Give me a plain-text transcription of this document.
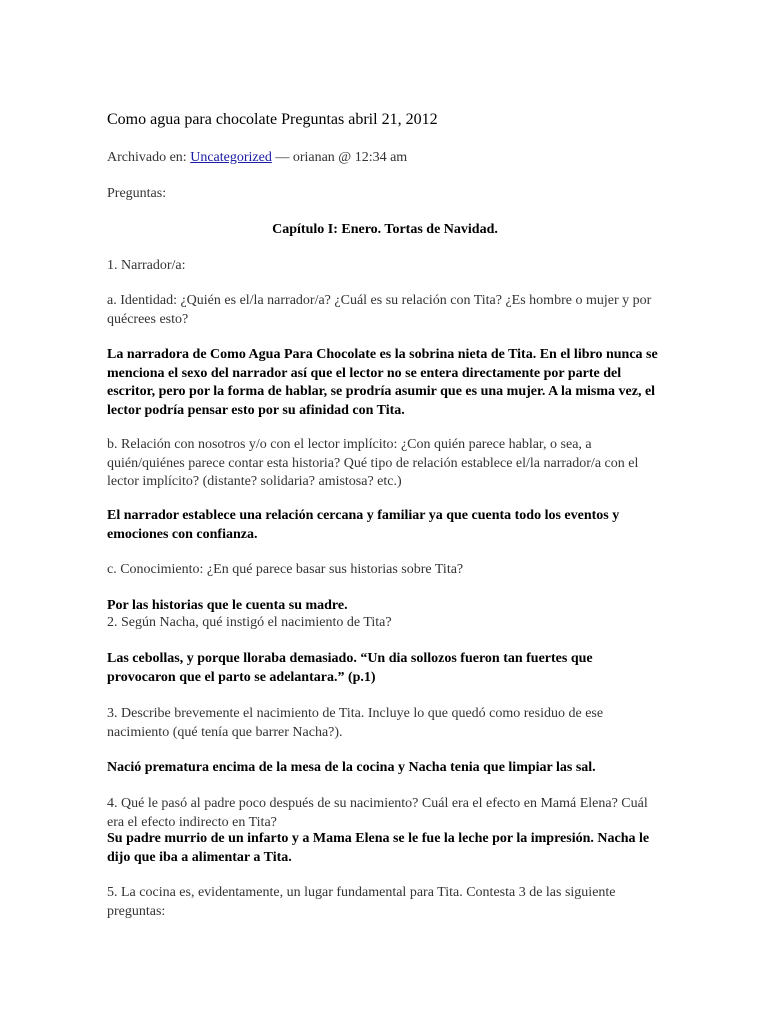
Como agua para chocolate Preguntas abril 21, 2012

Archivado en: Uncategorized — orianan @ 12:34 am

Preguntas:

Capítulo I: Enero. Tortas de Navidad.

1. Narrador/a:

a. Identidad: ¿Quién es el/la narrador/a? ¿Cuál es su relación con Tita? ¿Es hombre o mujer y por quécrees esto?

La narradora de Como Agua Para Chocolate es la sobrina nieta de Tita. En el libro nunca se menciona el sexo del narrador así que el lector no se entera directamente por parte del escritor, pero por la forma de hablar, se prodría asumir que es una mujer. A la misma vez, el lector podría pensar esto por su afinidad con Tita.

b. Relación con nosotros y/o con el lector implícito: ¿Con quién parece hablar, o sea, a quién/quiénes parece contar esta historia? Qué tipo de relación establece el/la narrador/a con el lector implícito? (distante? solidaria? amistosa? etc.)

El narrador establece una relación cercana y familiar ya que cuenta todo los eventos y emociones con confianza.

c. Conocimiento: ¿En qué parece basar sus historias sobre Tita?

Por las historias que le cuenta su madre.

2. Según Nacha, qué instigó el nacimiento de Tita?

Las cebollas, y porque lloraba demasiado. “Un dia sollozos fueron tan fuertes que provocaron que el parto se adelantara.” (p.1)

3. Describe brevemente el nacimiento de Tita. Incluye lo que quedó como residuo de ese nacimiento (qué tenía que barrer Nacha?).

Nació prematura encima de la mesa de la cocina y Nacha tenia que limpiar las sal.

4. Qué le pasó al padre poco después de su nacimiento? Cuál era el efecto en Mamá Elena? Cuál era el efecto indirecto en Tita?

Su padre murrio de un infarto y a Mama Elena se le fue la leche por la impresión. Nacha le dijo que iba a alimentar a Tita.

5. La cocina es, evidentamente, un lugar fundamental para Tita. Contesta 3 de las siguiente preguntas:
